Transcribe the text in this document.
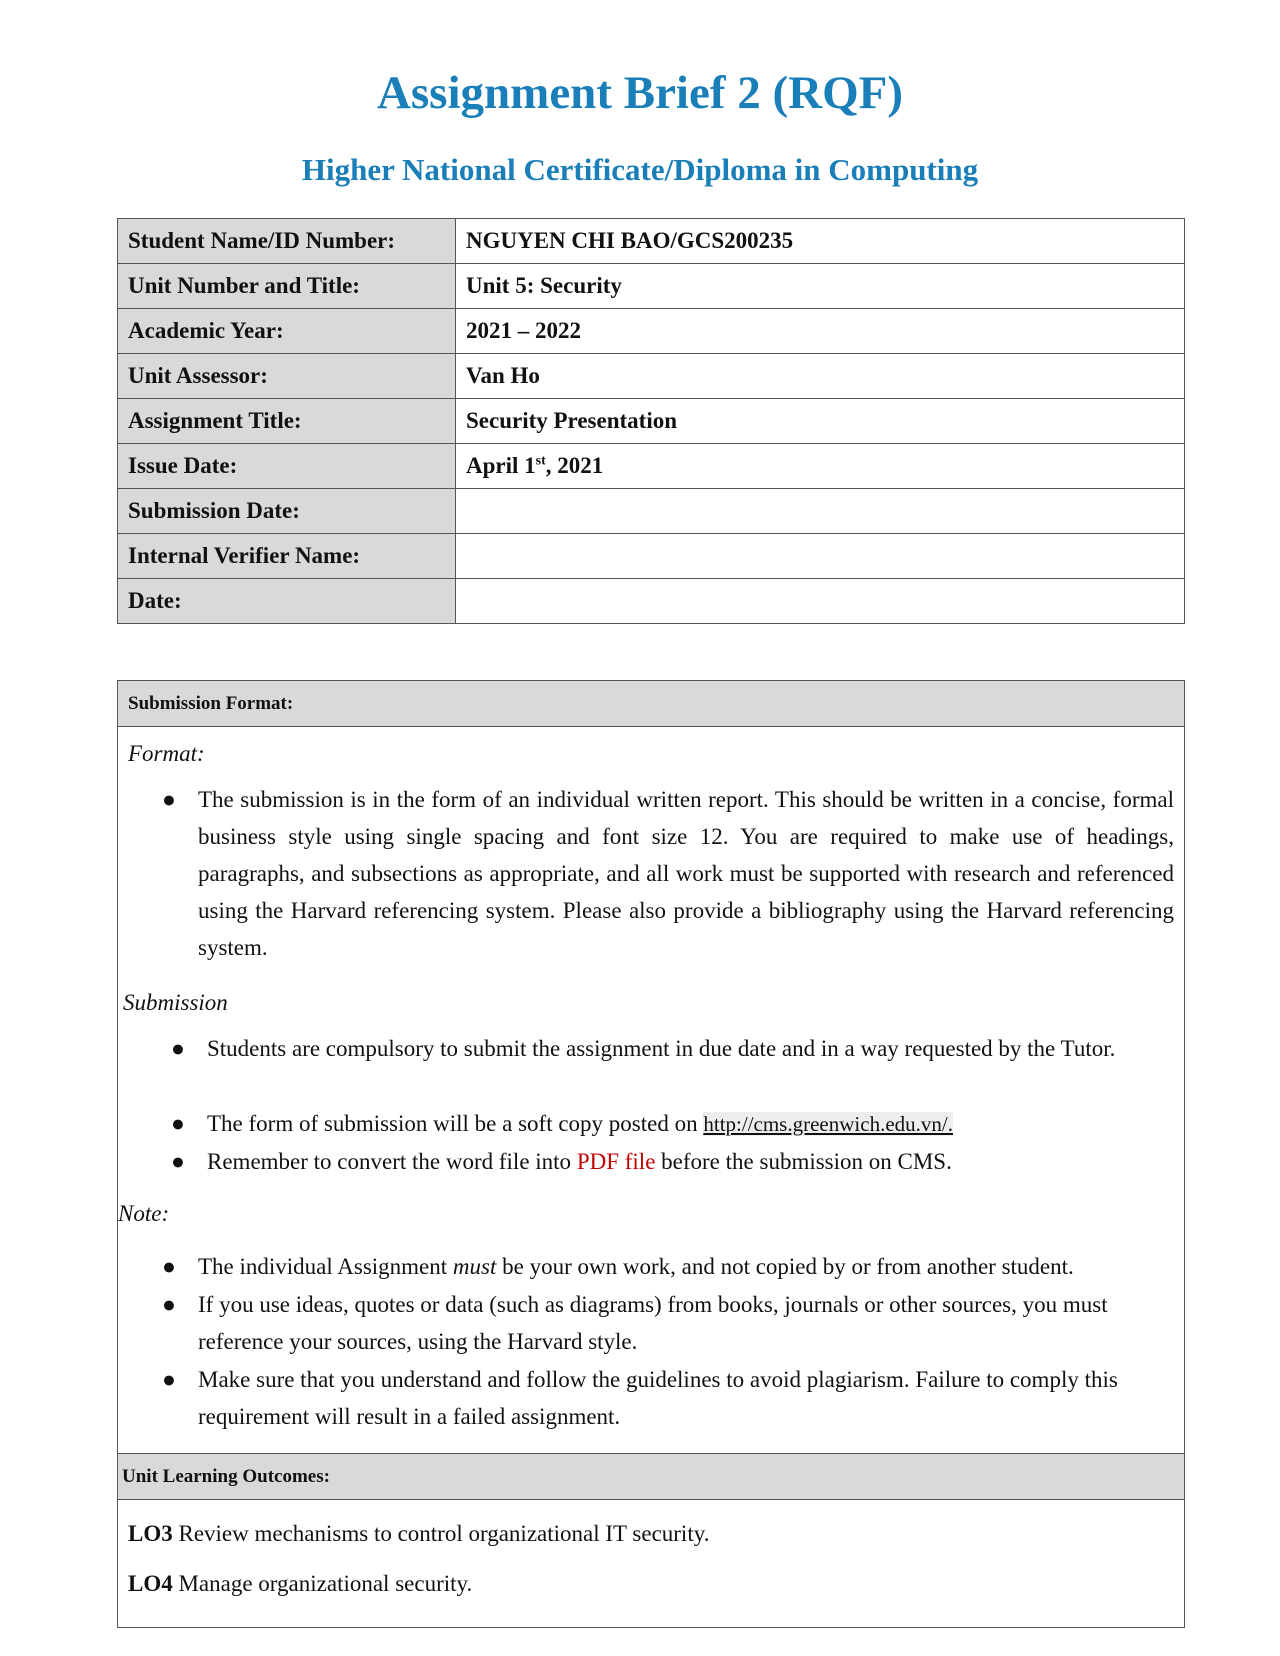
Assignment Brief 2 (RQF)
Higher National Certificate/Diploma in Computing
Student Name/ID Number:	NGUYEN CHI BAO/GCS200235
Unit Number and Title:	Unit 5: Security
Academic Year:	2021 – 2022
Unit Assessor:	Van Ho
Assignment Title:	Security Presentation
Issue Date:	April 1st, 2021
Submission Date:	
Internal Verifier Name:	
Date:	
Submission Format:
Format:
● The submission is in the form of an individual written report. This should be written in a concise, formal business style using single spacing and font size 12. You are required to make use of headings, paragraphs, and subsections as appropriate, and all work must be supported with research and referenced using the Harvard referencing system. Please also provide a bibliography using the Harvard referencing system.
Submission
● Students are compulsory to submit the assignment in due date and in a way requested by the Tutor.
● The form of submission will be a soft copy posted on http://cms.greenwich.edu.vn/.
● Remember to convert the word file into PDF file before the submission on CMS.
Note:
● The individual Assignment must be your own work, and not copied by or from another student.
● If you use ideas, quotes or data (such as diagrams) from books, journals or other sources, you must reference your sources, using the Harvard style.
● Make sure that you understand and follow the guidelines to avoid plagiarism. Failure to comply this requirement will result in a failed assignment.
Unit Learning Outcomes:
LO3 Review mechanisms to control organizational IT security.
LO4 Manage organizational security.
